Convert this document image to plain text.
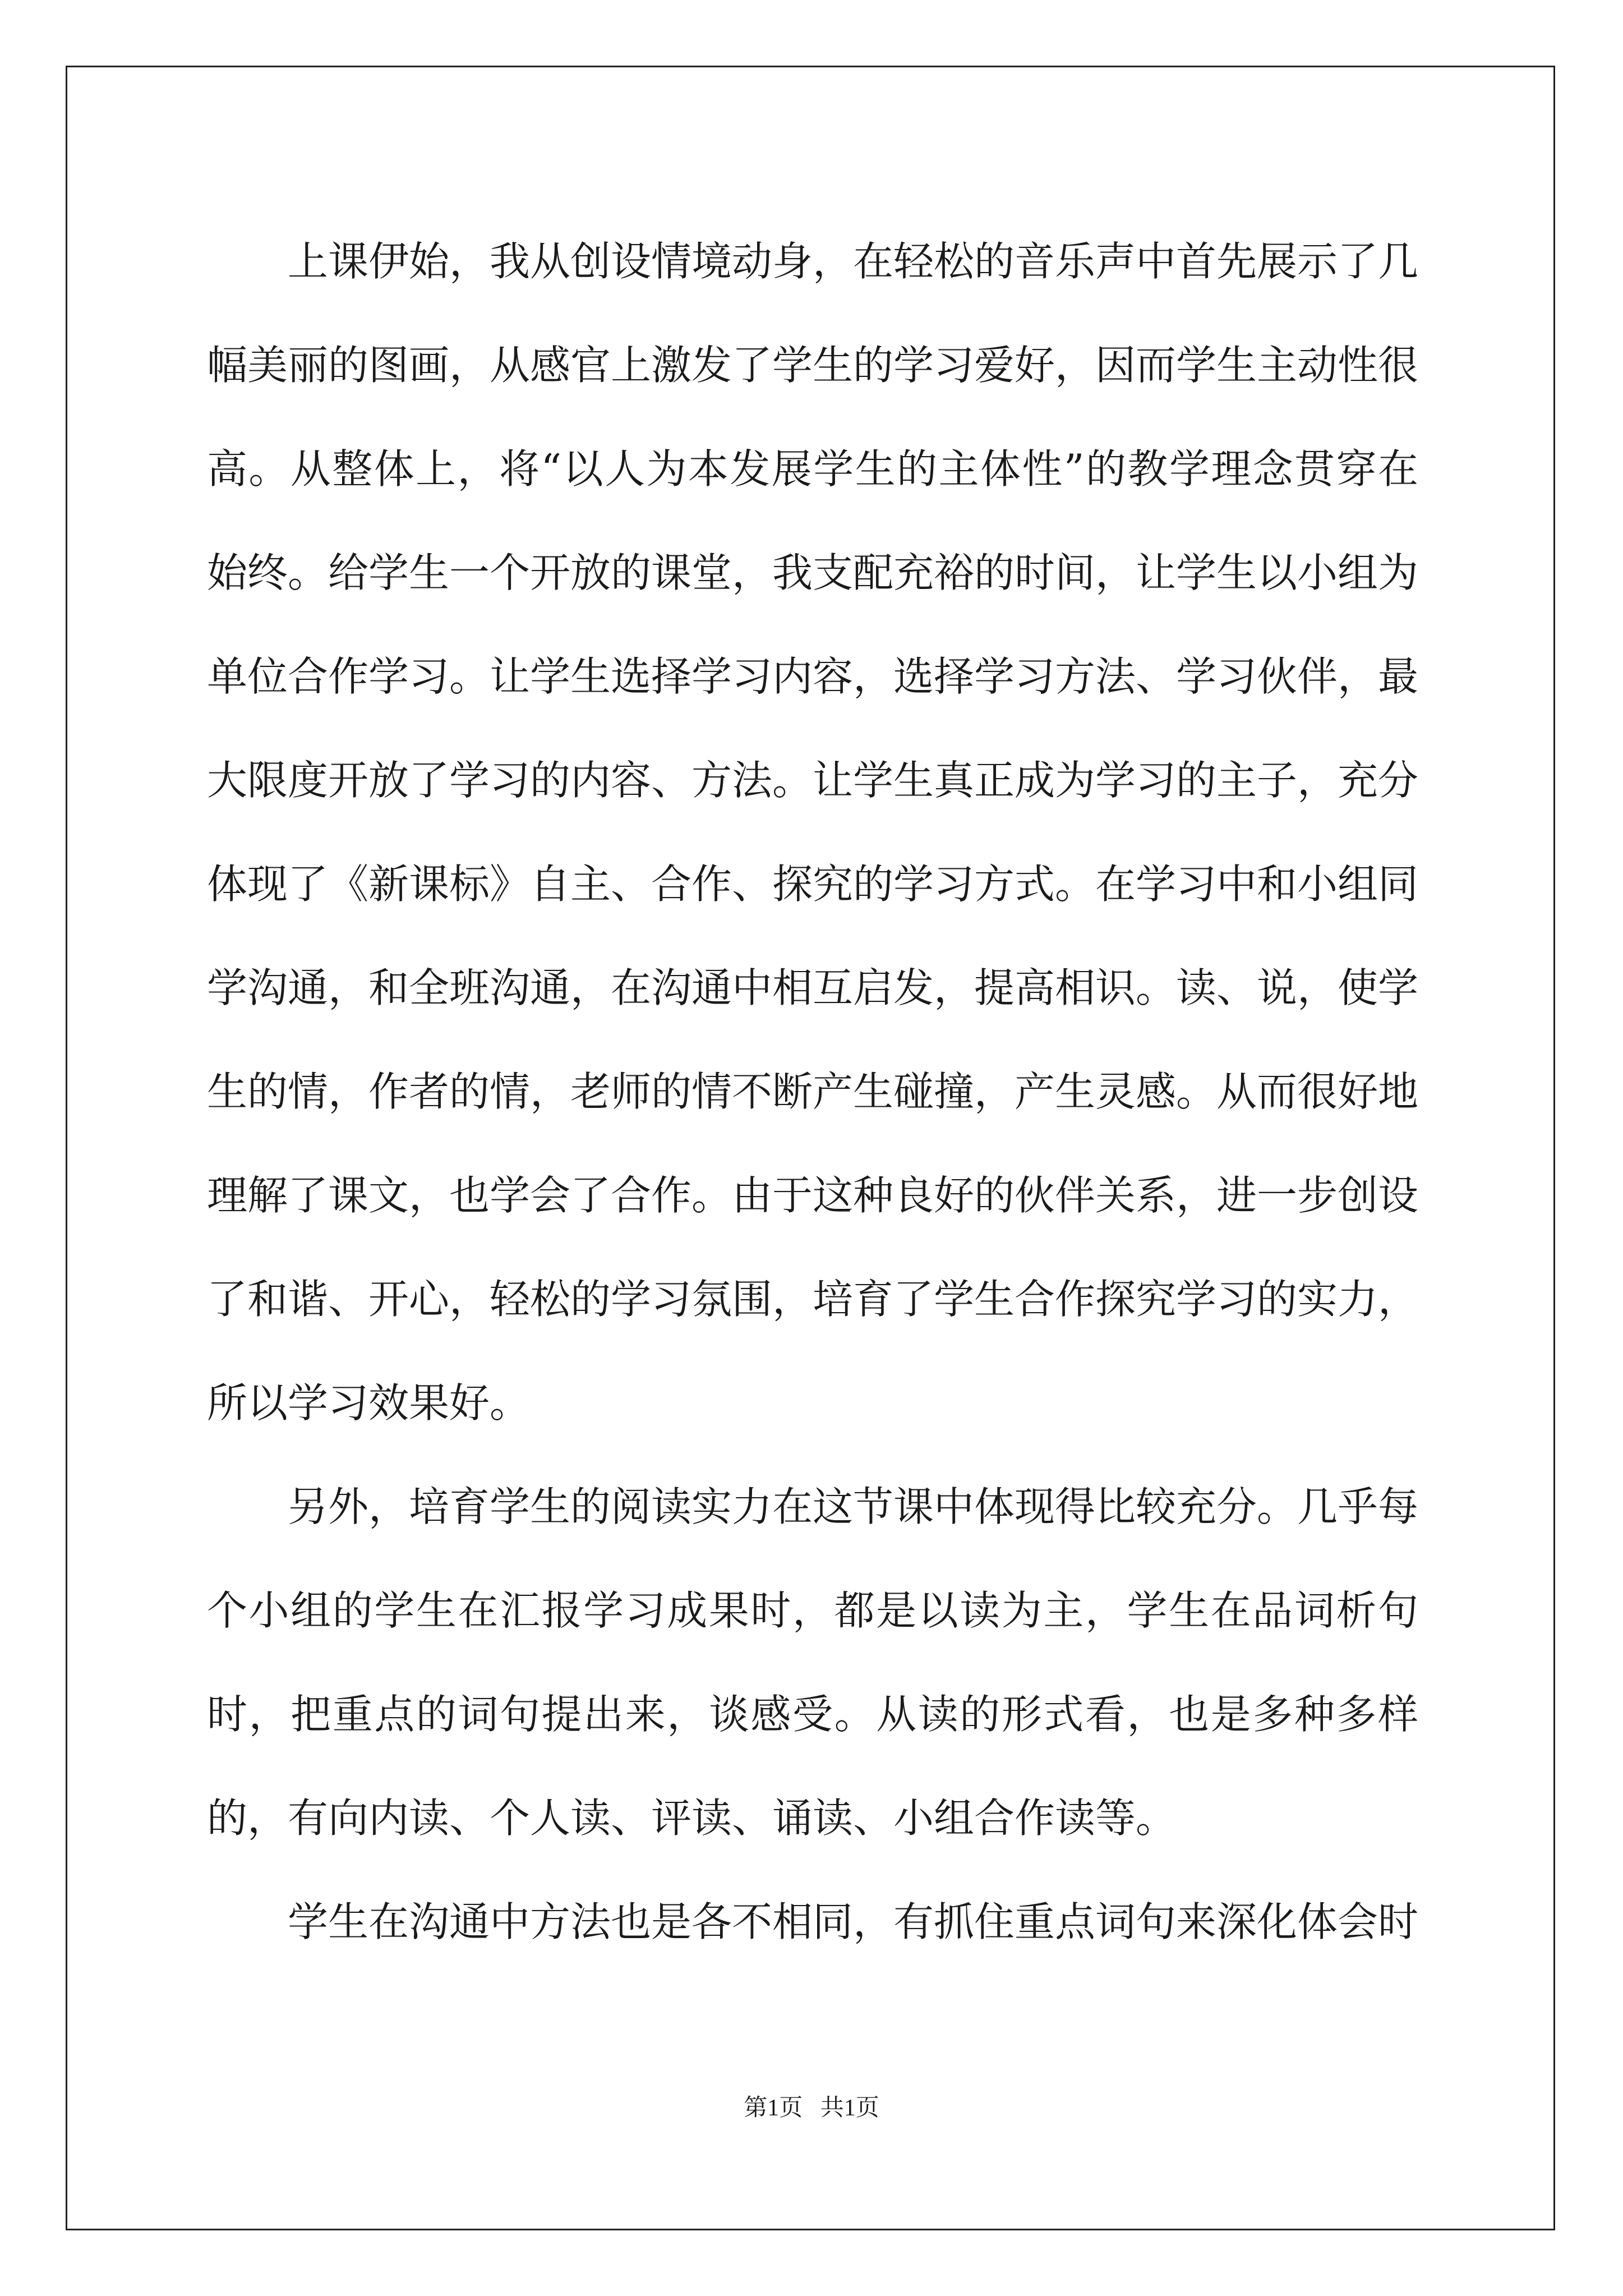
上课伊始，我从创设情境动身，在轻松的音乐声中首先展示了几幅美丽的图画，从感官上激发了学生的学习爱好，因而学生主动性很高。从整体上，将“以人为本发展学生的主体性”的教学理念贯穿在始终。给学生一个开放的课堂，我支配充裕的时间，让学生以小组为单位合作学习。让学生选择学习内容，选择学习方法、学习伙伴，最大限度开放了学习的内容、方法。让学生真正成为学习的主子，充分体现了《新课标》自主、合作、探究的学习方式。在学习中和小组同学沟通，和全班沟通，在沟通中相互启发，提高相识。读、说，使学生的情，作者的情，老师的情不断产生碰撞，产生灵感。从而很好地理解了课文，也学会了合作。由于这种良好的伙伴关系，进一步创设了和谐、开心，轻松的学习氛围，培育了学生合作探究学习的实力，所以学习效果好。

另外，培育学生的阅读实力在这节课中体现得比较充分。几乎每个小组的学生在汇报学习成果时，都是以读为主，学生在品词析句时，把重点的词句提出来，谈感受。从读的形式看，也是多种多样的，有向内读、个人读、评读、诵读、小组合作读等。

学生在沟通中方法也是各不相同，有抓住重点词句来深化体会时

第1页   共1页
